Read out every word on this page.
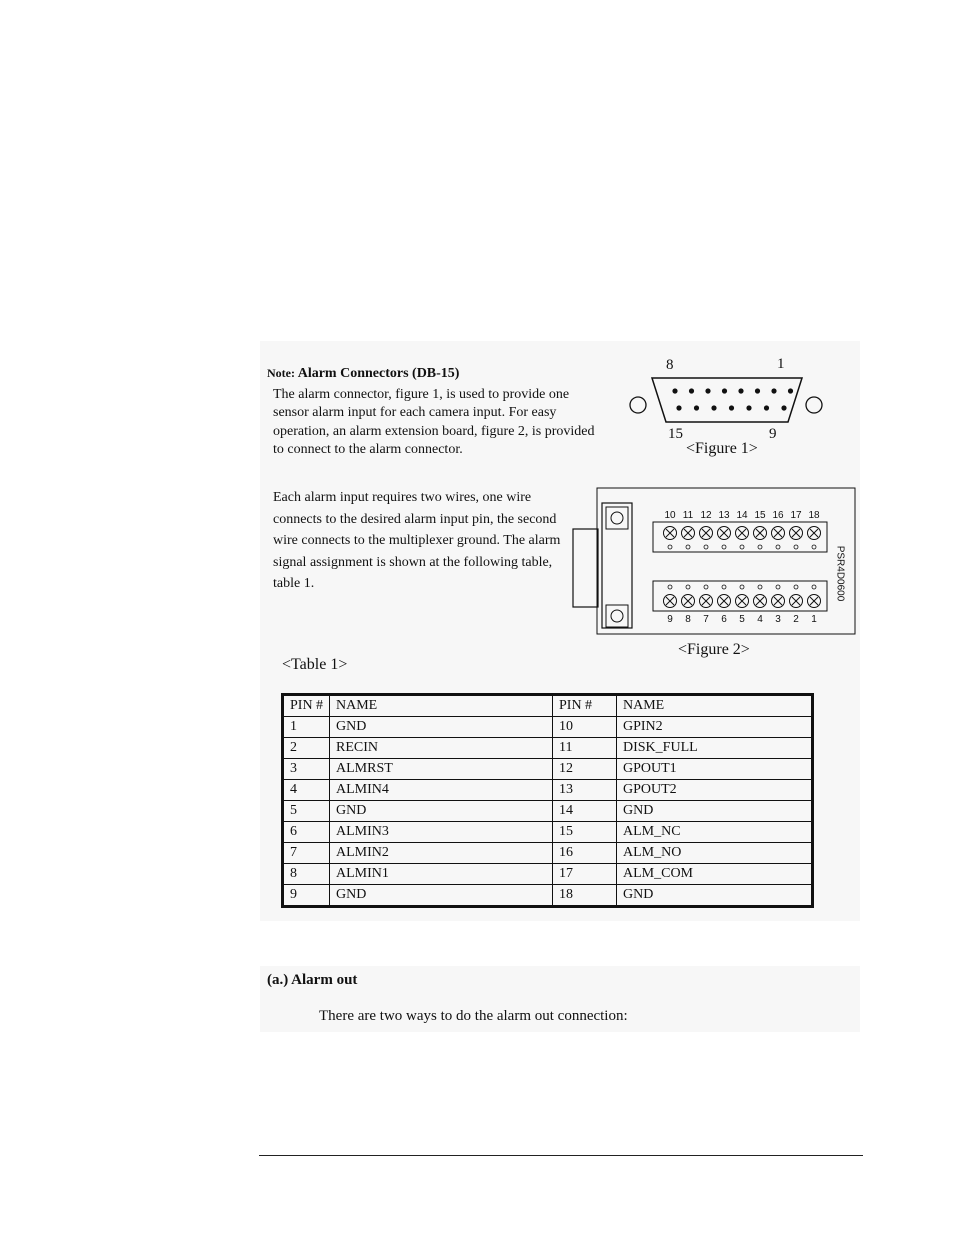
Note: Alarm Connectors (DB-15)
The alarm connector, figure 1, is used to provide one sensor alarm input for each camera input. For easy operation, an alarm extension board, figure 2, is provided to connect to the alarm connector.
Each alarm input requires two wires, one wire connects to the desired alarm input pin, the second wire connects to the multiplexer ground. The alarm signal assignment is shown at the following table, table 1.
8	1
15	9
<Figure 1>
10
9
11
8
12
7
13
6
14
5
15
4
16
3
17
2
18
1
PSR4D0600
<Figure 2>
<Table 1>
PIN #	NAME	PIN #	NAME
1	GND	10	GPIN2
2	RECIN	11	DISK_FULL
3	ALMRST	12	GPOUT1
4	ALMIN4	13	GPOUT2
5	GND	14	GND
6	ALMIN3	15	ALM_NC
7	ALMIN2	16	ALM_NO
8	ALMIN1	17	ALM_COM
9	GND	18	GND
(a.) Alarm out
There are two ways to do the alarm out connection:
